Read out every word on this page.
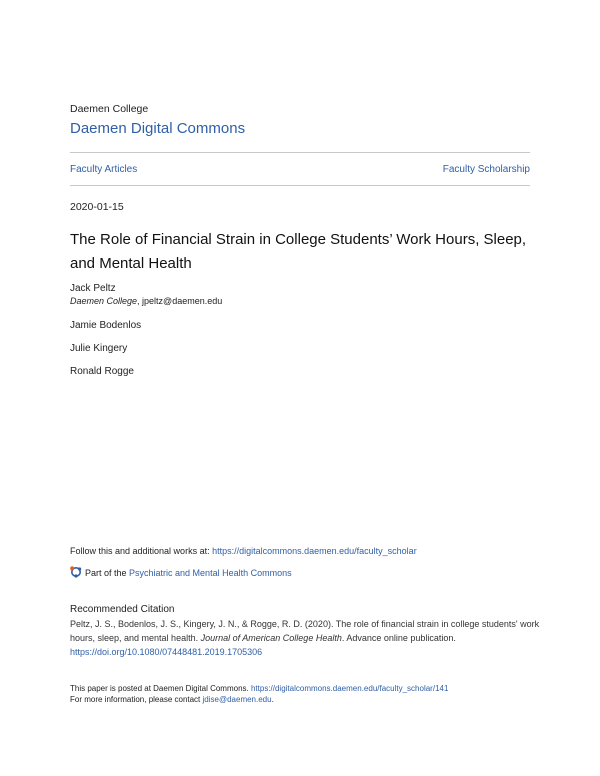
Daemen College
Daemen Digital Commons
Faculty Articles	Faculty Scholarship
2020-01-15
The Role of Financial Strain in College Students’ Work Hours, Sleep, and Mental Health
Jack Peltz
Daemen College, jpeltz@daemen.edu
Jamie Bodenlos
Julie Kingery
Ronald Rogge
Follow this and additional works at: https://digitalcommons.daemen.edu/faculty_scholar
Part of the Psychiatric and Mental Health Commons
Recommended Citation
Peltz, J. S., Bodenlos, J. S., Kingery, J. N., & Rogge, R. D. (2020). The role of financial strain in college students' work hours, sleep, and mental health. Journal of American College Health. Advance online publication. https://doi.org/10.1080/07448481.2019.1705306
This paper is posted at Daemen Digital Commons. https://digitalcommons.daemen.edu/faculty_scholar/141
For more information, please contact jdise@daemen.edu.
